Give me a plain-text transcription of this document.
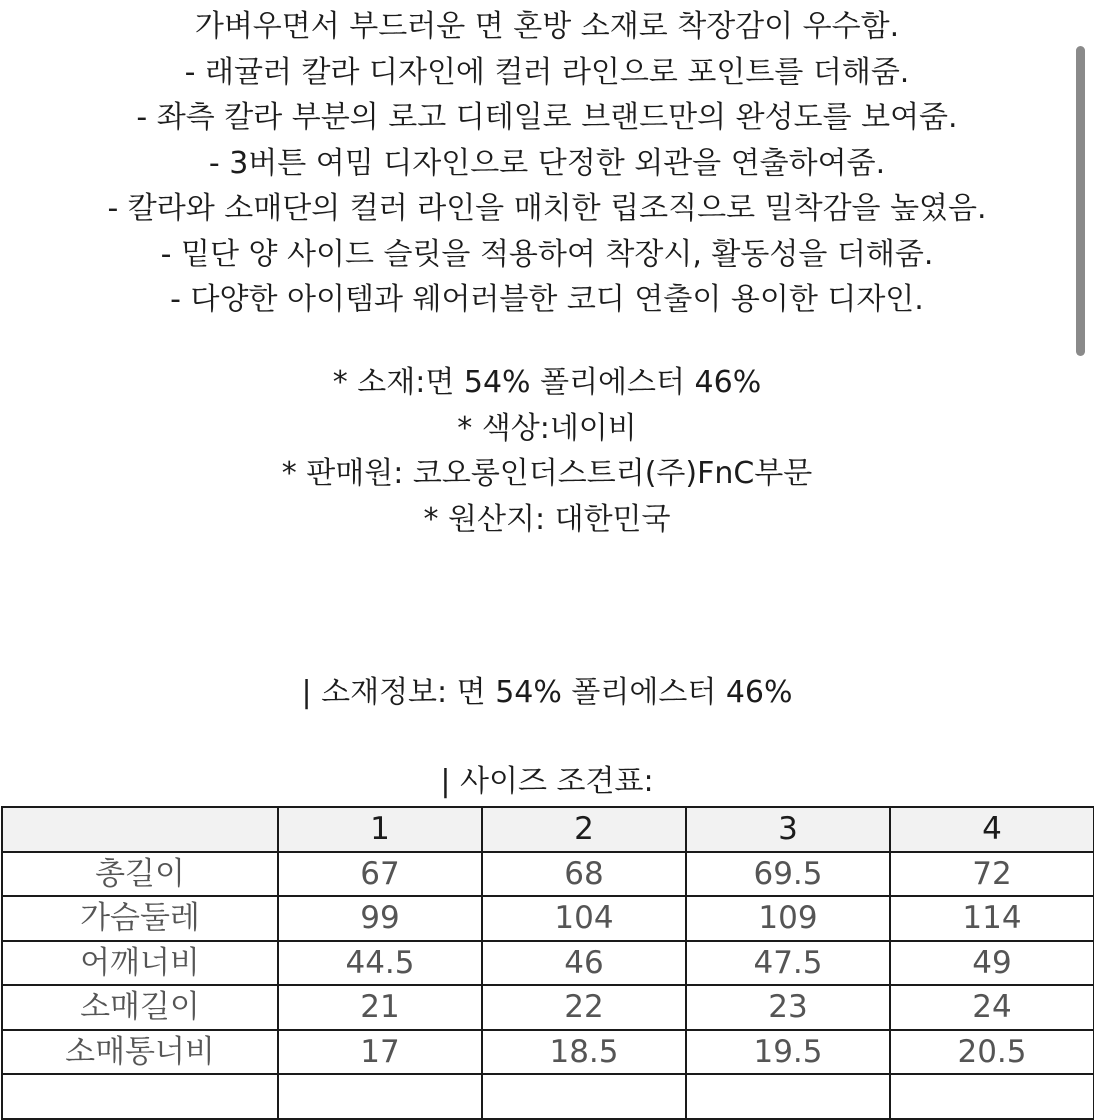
가벼우면서 부드러운 면 혼방 소재로 착장감이 우수함.
- 래귤러 칼라 디자인에 컬러 라인으로 포인트를 더해줌.
- 좌측 칼라 부분의 로고 디테일로 브랜드만의 완성도를 보여줌.
- 3버튼 여밈 디자인으로 단정한 외관을 연출하여줌.
- 칼라와 소매단의 컬러 라인을 매치한 립조직으로 밀착감을 높였음.
- 밑단 양 사이드 슬릿을 적용하여 착장시, 활동성을 더해줌.
- 다양한 아이템과 웨어러블한 코디 연출이 용이한 디자인.
* 소재:면 54% 폴리에스터 46%
* 색상:네이비
* 판매원: 코오롱인더스트리(주)FnC부문
* 원산지: 대한민국
| 소재정보: 면 54% 폴리에스터 46%
| 사이즈 조견표:
	1	2	3	4
총길이	67	68	69.5	72
가슴둘레	99	104	109	114
어깨너비	44.5	46	47.5	49
소매길이	21	22	23	24
소매통너비	17	18.5	19.5	20.5
